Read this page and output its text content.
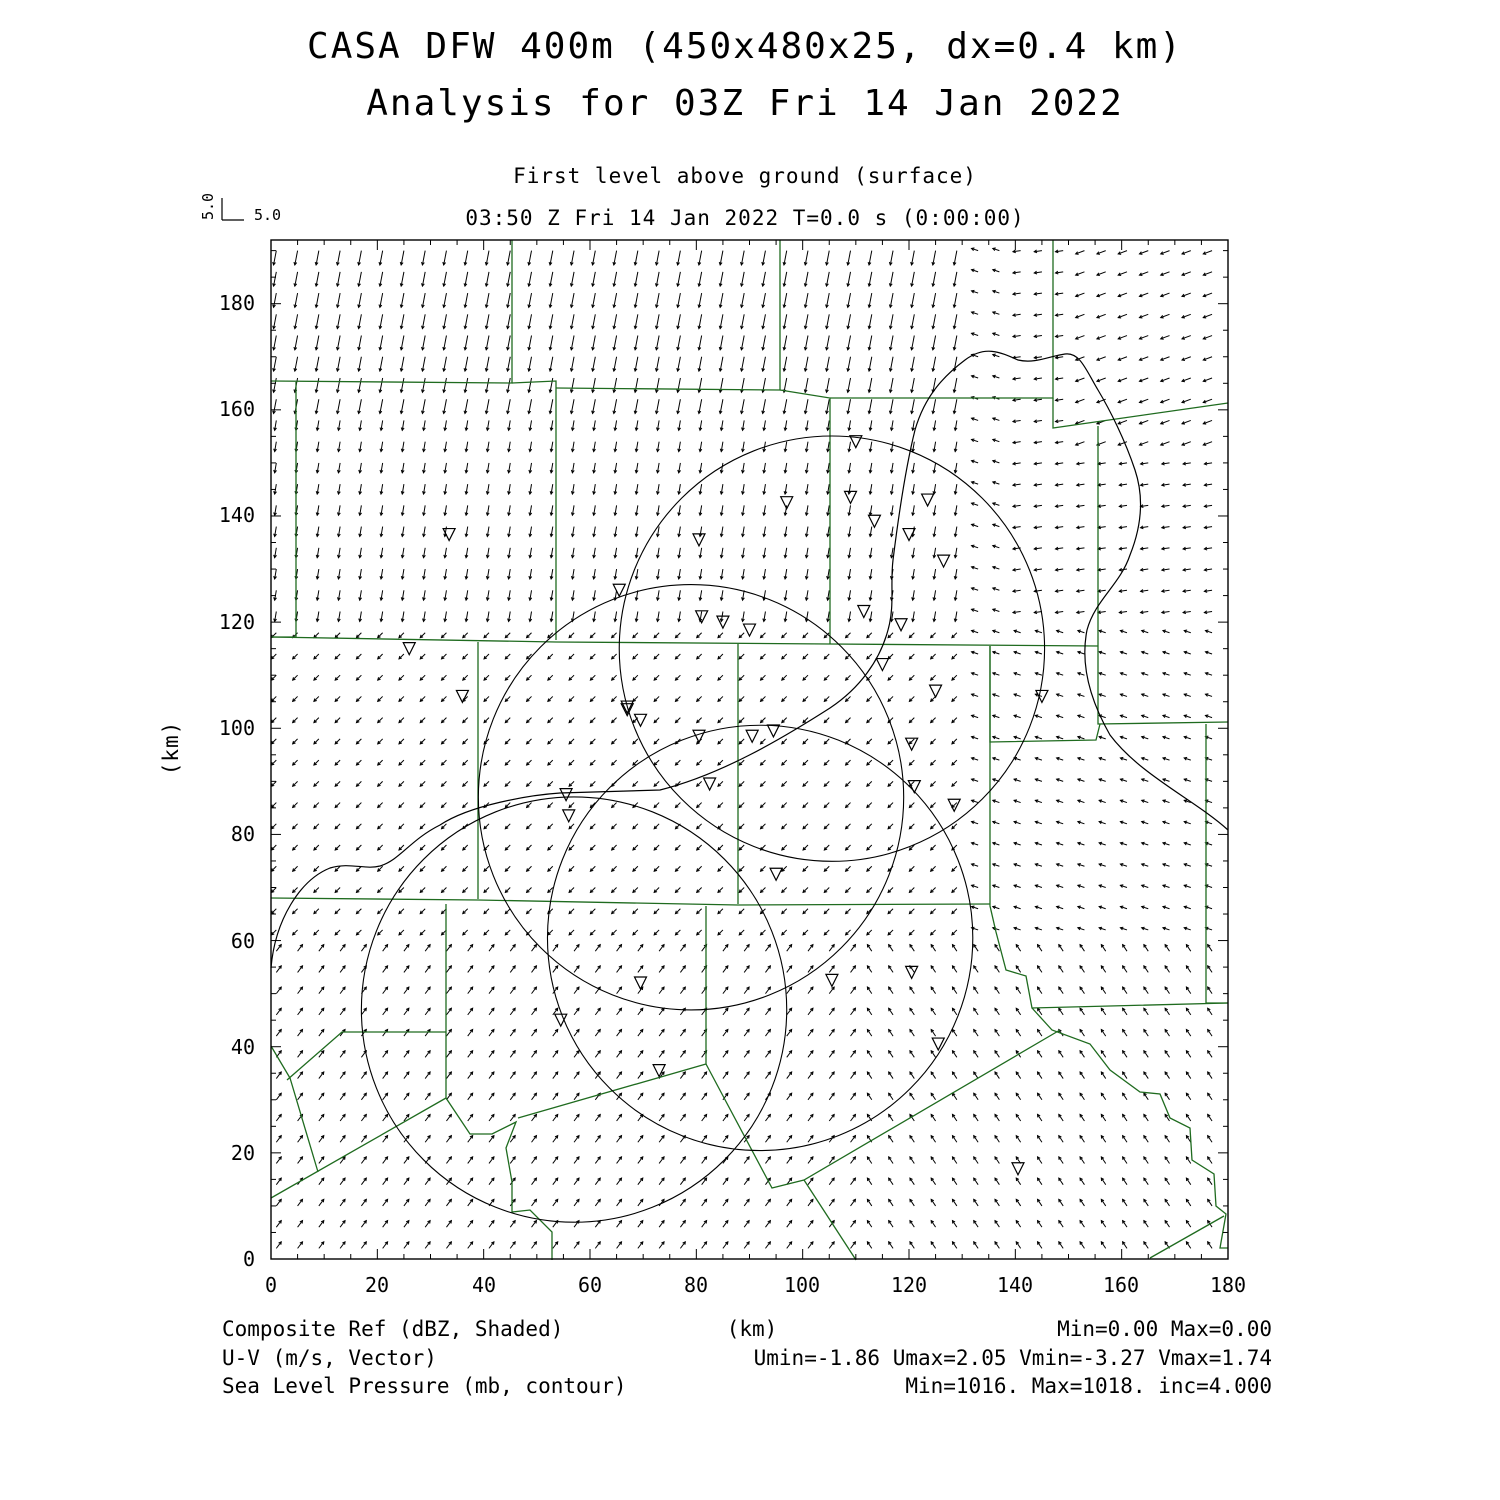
CASA DFW 400m (450x480x25, dx=0.4 km)
Analysis for 03Z Fri 14 Jan 2022
First level above ground (surface)
03:50 Z Fri 14 Jan 2022 T=0.0 s (0:00:00)
5.0 5.0
0	20	40	60	80	100	120	140	160	180
0
20
40
60
80
100
120
140
160
180
(km)
Composite Ref (dBZ, Shaded)	(km)	Min=0.00 Max=0.00
U-V (m/s, Vector)	Umin=-1.86 Umax=2.05 Vmin=-3.27 Vmax=1.74
Sea Level Pressure (mb, contour)	Min=1016. Max=1018. inc=4.000
